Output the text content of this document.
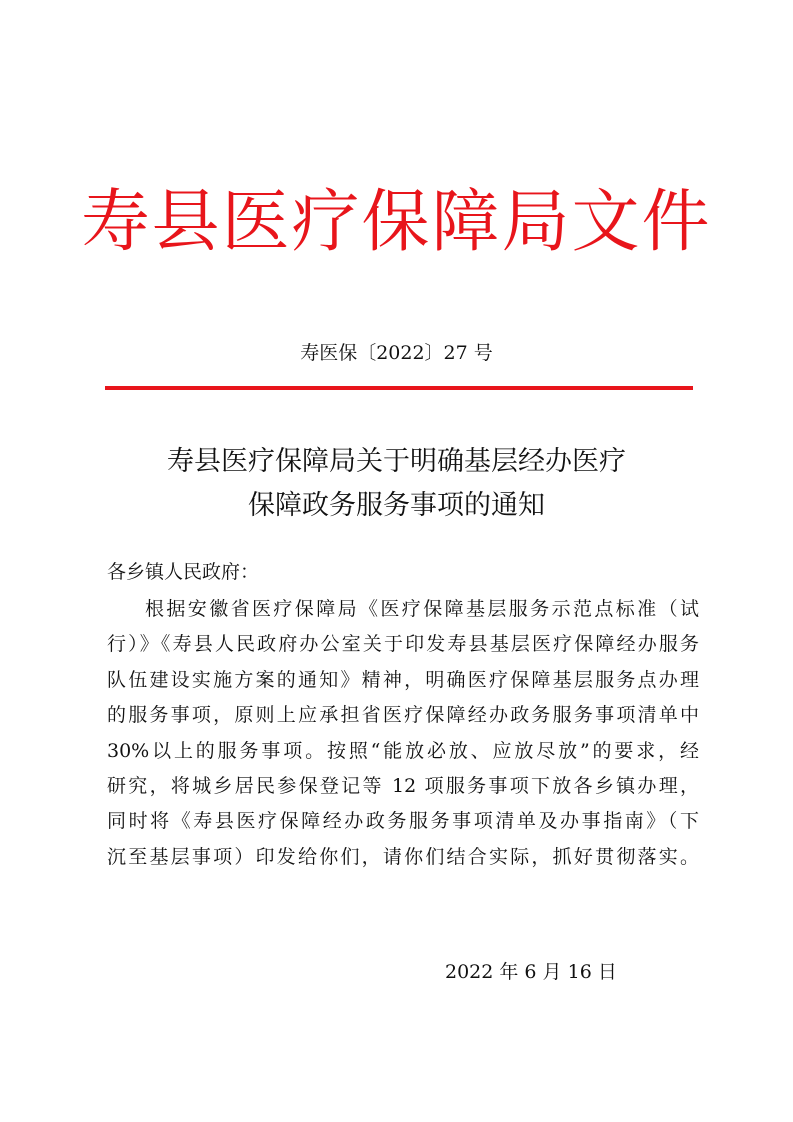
寿县医疗保障局文件
寿医保〔2022〕27 号
寿县医疗保障局关于明确基层经办医疗
保障政务服务事项的通知
各乡镇人民政府：
根据安徽省医疗保障局《医疗保障基层服务示范点标准（试
行）》《寿县人民政府办公室关于印发寿县基层医疗保障经办服务
队伍建设实施方案的通知》精神，明确医疗保障基层服务点办理
的服务事项，原则上应承担省医疗保障经办政务服务事项清单中
30%以上的服务事项。按照“能放必放、应放尽放”的要求，经
研究，将城乡居民参保登记等 12 项服务事项下放各乡镇办理，
同时将《寿县医疗保障经办政务服务事项清单及办事指南》（下
沉至基层事项）印发给你们，请你们结合实际，抓好贯彻落实。
2022 年 6 月 16 日
